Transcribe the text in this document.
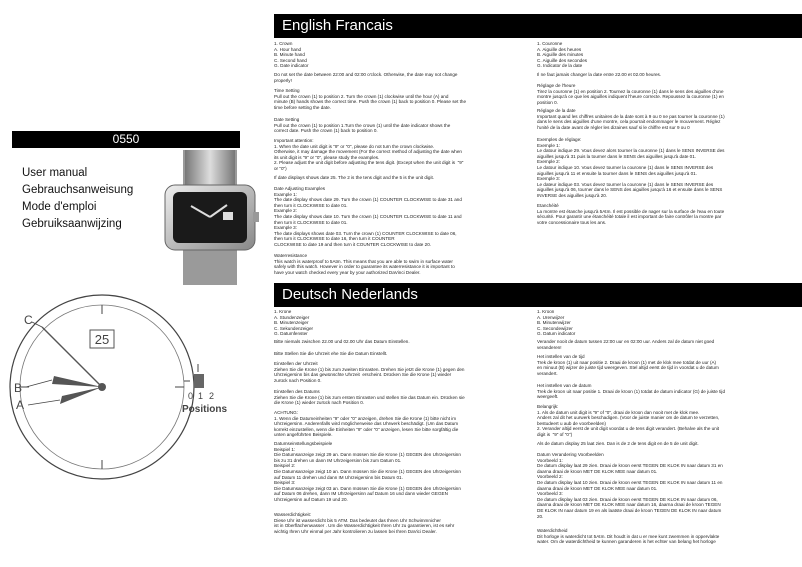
English Francais
0550
User manual
Gebrauchsanweisung
Mode d'emploi
Gebruiksaanwijzing
25
C
B
A
0 1 2
Positions
1. Crown
A. Hour hand
B. Minute hand
C. Second hand
G. Date indicator
Do not set the date between 22:00 and 02:00 o'clock. Otherwise, the date may not change
properly!
Time Setting
Pull out the crown (1) to position 2. Turn the crown (1) clockwise until the hour (A) and
minute (B) hands shows the correct time. Push the crown (1) back to position 0. Please set the
time before setting the date.
Date Setting
Pull out the crown (1) to position 1.Turn the crown (1) until the date indicator shows the
correct date. Push the crown (1) back to position 0.
Important attention:
1. When the date unit digit is "9" or "0", please do not turn the crown clockwise.
Otherwise, it may damage the movement (For the correct method of adjusting the date when
its unit digit is "9" or "0", please study the examples.
2. Please adjust the unit digit before adjusting the tens digit. (Except when the unit digit is  "9"
or "0")
If date displays shows date 25. The 2 is the tens digit and the 5 is the unit digit.
Date Adjusting Examples
Example 1:
The date display shows date 29. Turn the crown (1) COUNTER CLOCKWISE to date 31 and
then turn it CLOCKWISE to date 01.
Example 2:
The date display shows date 10. Turn the crown (1) COUNTER CLOCKWISE to date 11 and
then turn it CLOCKWISE to date 01.
Example 3:
The date displays shows date 03. Turn the crown (1) COUNTER CLOCKWISE to date 06,
then turn it CLOCKWISE to date 16, then turn it COUNTER
CLOCKWISE to date 19 and then turn it COUNTER CLOCKWISE to date 20.
Waterresistance
This watch is waterproof to 5Atm. This means that you are able to swim in surface water
safely with this watch. However in order to guarantee its waterresistance it is important to
have your watch checked every year by your authorized DaVinci Dealer.
1. Couronne
A. Aiguille des heures
B. Aiguille des minutes
C. Aiguille des secondes
G. Indicator de la date
Il ne faut jamais changer la date entre 22.00 et 02.00 heures.
Réglage de l'heure
Tirez la couronne (1) en position 2. Tournez la couronne (1) dans le sens des aiguilles d'une
montre jusqu'à ce que les aiguilles indiquent l'heure correcte. Repoussez la couronne (1) en
position 0.
Réglage de la date
Important quand les chiffres unitaires de la date sont à 9 ou 0 ne pas tourner la couronne (1)
dans le sens des aiguilles d'une montre, cela pourrait endommager le mouvement. Réglez
l'unité de la date avant de régler les dizaines sauf si le chiffre est sur 9 ou 0
Exemples de réglage:
Exemple 1:
Le datour indique 29. Vous devez alors tourner la couronne (1) dans le SENS INVERSE des
aiguilles jusqu'à 31 puis la tourner dans le SENS des aiguilles jusqu'à date 01.
Exemple 2:
Le datour indique 10. Vous devez tourner la couronne (1) dans le SENS INVERSE des
aiguilles jusqu'à 11 et ensuite la tourner dans le SENS des aiguilles jusqu'à 01.
Exemple 3:
Le dateur indique 03. Vous devez tourner la couronne (1) dans le SENS INVERSE des
aiguilles jusqu'à 06, tourner dans le SENS des aiguilles jusqu'à 16 et ensuite dans le SENS
INVERSE des aiguilles jusqu'à 20.
Etanchéité
La montre est étanche jusqu'à 5Atm. Il est possible de nager sur la surface de l'eau en toute
sécurité. Pour garantir une étanchéité totale il est important de faire contrôler la montre par
votre concessionaire tous les ans.
Deutsch Nederlands
1. Krone
A. Stundenzeiger
B. Minutenzeiger
C. Sekundenzeiger
G. Datumfenster
Bitte niemals zwischen 22.00 und 02.00 Uhr das Datum Einstellen.
Bitte Stellen Sie die Uhrzeit ehe Sie die Datum Einstellt.
Einstellen der Uhrzeit
Ziehen Sie die Krone (1) bis zum zweiten Einrasten. Drehen Sie jetzt die Krone (1) gegen den
Uhrzeigersinn bis das gewünschte Uhrzeit  erscheint. Drücken Sie die Krone (1) wieder
zurück nach Position 0.
Einstellen des Datums
Ziehen Sie die Krone (1) bis zum ersten Einrasten und stellen Sie das Datum ein. Drücken sie
die Krone (1) wieder zurück nach Position 0.
ACHTUNG:
1. Wenn die Datumeinheiten "9" oder "0" anzeigen, drehen Sie die Krone (1) bitte nicht im
Uhrzeigersinn. Anderenfalls wird möglicherweise das Uhrwerk beschädigt. (Um das Datum
korrekt einzustellen, wenn die Einheiten "9" oder "0" anzeigen, lesen Sie bitte sorgfältig die
unten angeführten Beispiele.
Datumseinstellungsbeispiele
Beispiel 1:
Die Datumsanzeige zeigt 29 an. Dann müssen Sie die Krone (1) GEGEN den Uhrzeigersinn
bis zu 31 drehen un dann IM Uhrzeigersinn bis zum Datum 01.
Beispiel 2:
Die Datumsanzeige zeigt 10 an. Dann müssen Sie die Krone (1) GEGEN den Uhrzeigersinn
auf Datum 11 drehen und dann IM Uhrzeigersinn bis Datum 01.
Beispiel 3:
Die Datumsanzeige zeigt 03 an. Dann müssen Sie die Krone (1) GEGEN den Uhrzeigersinn
auf Datum 06 drehen, dann IM Uhrzeigersinn auf Datum 16 und dann wieder GEGEN
Uhrzeigersinn auf Datum 19 und 20.
Wasserdichtigkeit:
Diese Uhr ist wasserdicht bis 5 ATM. Das bedeutet das Ihnen Uhr Schwimmnicher
ist in Oberflächenwasser . Um die Wasserdichtigkeit Ihren Uhr zu garantieren, ist es sehr
wichtig Ihren Uhr einmal per Jahr kontrolieren zu lassen bei Ihren DaVici Dealer.
1. Kroon
A. Urenwijzer
B. Minutenwijzer
C. Secondewijzer
G. Datum indicator
Verander nooit de datum tussen 22:00 uur en 02:00 uur. Anders zal de datum niet goed
veranderen!
Het instellen van de tijd
Trek de kroon (1) uit naar positie 2. Draai de kroon (1) met de klok mee totdat de uur (A)
en minuut (B) wijzer de juiste tijd weergeven. Stel altijd eerst de tijd in voordat u de datum
verandert.
Het instellen van de datum
Trek de kroon uit naar positie 1. Draai de kroon (1) totdat de datum indicator (G) de juiste tijd
weergeeft.
Belangrijk:
1. Als de datum unit digit is "9" of "0", draai de kroon dan nooit met de klok mee.
Anders zal dit het uurwerk beschadigen. (Voor de juiste manier om de datum te verzetten,
bestudeert u aub de voorbeelden)
2. Verander altijd eerst de unit digit voordat u de tens digit verandert. (Behalve als the unit
digit is  "9" of "0")
Als de datum display 25 laat zien. Dan is de 2 de tens digit en de 5 de unit digit.
Datum Verandering Voorbeelden
Voorbeeld 1:
De datum display laat 29 zien. Draai de kroon eerst TEGEN DE KLOK IN naar datum 31 en
daarna draai de kroon MET DE KLOK MEE naar datum 01.
Voorbeeld 2:
De datum display laat 10 zien. Draai de kroon eerst TEGEN DE KLOK IN naar datum 11 en
daarna draai de kroon MET DE KLOK MEE naar datum 01.
Voorbeeld 3:
De datum display laat 03 zien. Draai de kroon eerst TEGEN DE KLOK IN naar datum 06,
daarna draai de kroon MET DE KLOK MEE naar datum 16, daarna draai de kroon TEGEN
DE KLOK IN naar datum 19 en als laatste draai de kroon TEGEN DE KLOK IN naar datum
20.
Waterdichtheid
Dit horloge is waterdicht tot 5Atm. Dit houdt in dat u er mee kunt zwemmen in oppervlakte
water. Om de waterdichtheid te kunnen garanderen is het echter van belang het horloge
